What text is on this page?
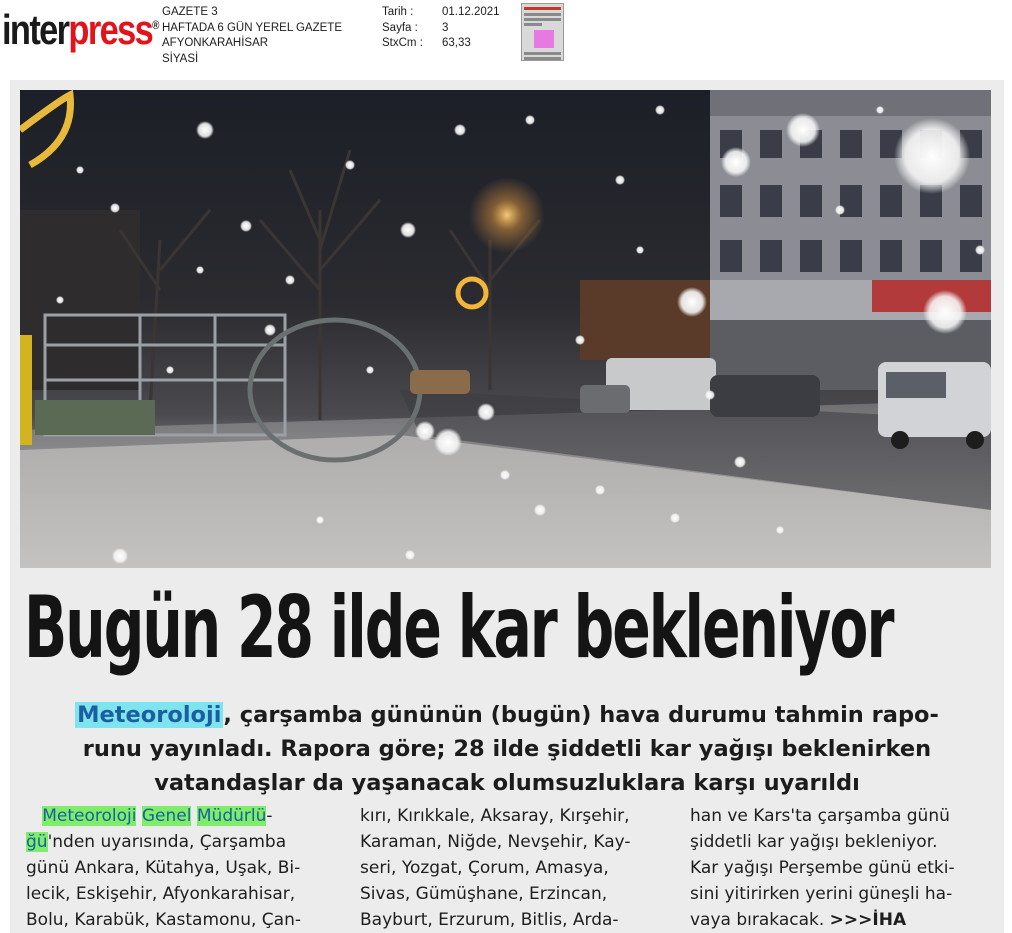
interpress®
GAZETE 3
HAFTADA 6 GÜN YEREL GAZETE
AFYONKARAHİSAR
SİYASİ
Tarih :
Sayfa :
StxCm :
01.12.2021
3
63,33
Bugün 28 ilde kar bekleniyor
Meteoroloji, çarşamba gününün (bugün) hava durumu tahmin rapo-
runu yayınladı. Rapora göre; 28 ilde şiddetli kar yağışı beklenirken
vatandaşlar da yaşanacak olumsuzluklara karşı uyarıldı
Meteoroloji Genel Müdürlü-
ğü'nden uyarısında, Çarşamba
günü Ankara, Kütahya, Uşak, Bi-
lecik, Eskişehir, Afyonkarahisar,
Bolu, Karabük, Kastamonu, Çan-
kırı, Kırıkkale, Aksaray, Kırşehir,
Karaman, Niğde, Nevşehir, Kay-
seri, Yozgat, Çorum, Amasya,
Sivas, Gümüşhane, Erzincan,
Bayburt, Erzurum, Bitlis, Arda-
han ve Kars'ta çarşamba günü
şiddetli kar yağışı bekleniyor.
Kar yağışı Perşembe günü etki-
sini yitirirken yerini güneşli ha-
vaya bırakacak. >>>İHA
